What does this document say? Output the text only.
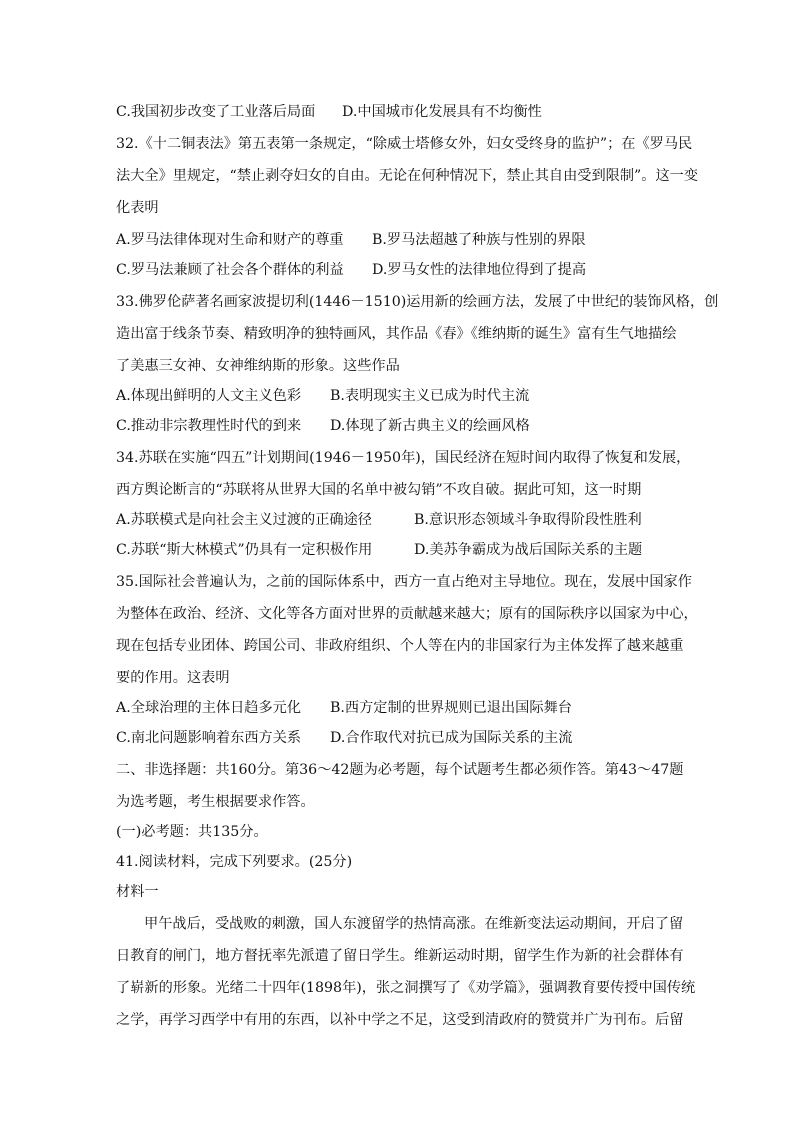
C.我国初步改变了工业落后局面 D.中国城市化发展具有不均衡性
32.《十二铜表法》第五表第一条规定，“除威士塔修女外，妇女受终身的监护”；在《罗马民
法大全》里规定，“禁止剥夺妇女的自由。无论在何种情况下，禁止其自由受到限制”。这一变
化表明
A.罗马法律体现对生命和财产的尊重 B.罗马法超越了种族与性别的界限
C.罗马法兼顾了社会各个群体的利益 D.罗马女性的法律地位得到了提高
33.佛罗伦萨著名画家波提切利(1446－1510)运用新的绘画方法，发展了中世纪的装饰风格，创
造出富于线条节奏、精致明净的独特画风，其作品《春》《维纳斯的诞生》富有生气地描绘
了美惠三女神、女神维纳斯的形象。这些作品
A.体现出鲜明的人文主义色彩 B.表明现实主义已成为时代主流
C.推动非宗教理性时代的到来 D.体现了新古典主义的绘画风格
34.苏联在实施“四五”计划期间(1946－1950年)，国民经济在短时间内取得了恢复和发展，
西方舆论断言的“苏联将从世界大国的名单中被勾销”不攻自破。据此可知，这一时期
A.苏联模式是向社会主义过渡的正确途径	B.意识形态领域斗争取得阶段性胜利
C.苏联“斯大林模式”仍具有一定积极作用	D.美苏争霸成为战后国际关系的主题
35.国际社会普遍认为，之前的国际体系中，西方一直占绝对主导地位。现在，发展中国家作
为整体在政治、经济、文化等各方面对世界的贡献越来越大；原有的国际秩序以国家为中心，
现在包括专业团体、跨国公司、非政府组织、个人等在内的非国家行为主体发挥了越来越重
要的作用。这表明
A.全球治理的主体日趋多元化 B.西方定制的世界规则已退出国际舞台
C.南北问题影响着东西方关系 D.合作取代对抗已成为国际关系的主流
二、非选择题：共160分。第36～42题为必考题，每个试题考生都必须作答。第43～47题
为选考题，考生根据要求作答。
(一)必考题：共135分。
41.阅读材料，完成下列要求。(25分)
材料一
甲午战后，受战败的刺激，国人东渡留学的热情高涨。在维新变法运动期间，开启了留
日教育的闸门，地方督抚率先派遣了留日学生。维新运动时期，留学生作为新的社会群体有
了崭新的形象。光绪二十四年(1898年)，张之洞撰写了《劝学篇》，强调教育要传授中国传统
之学，再学习西学中有用的东西，以补中学之不足，这受到清政府的赞赏并广为刊布。后留
